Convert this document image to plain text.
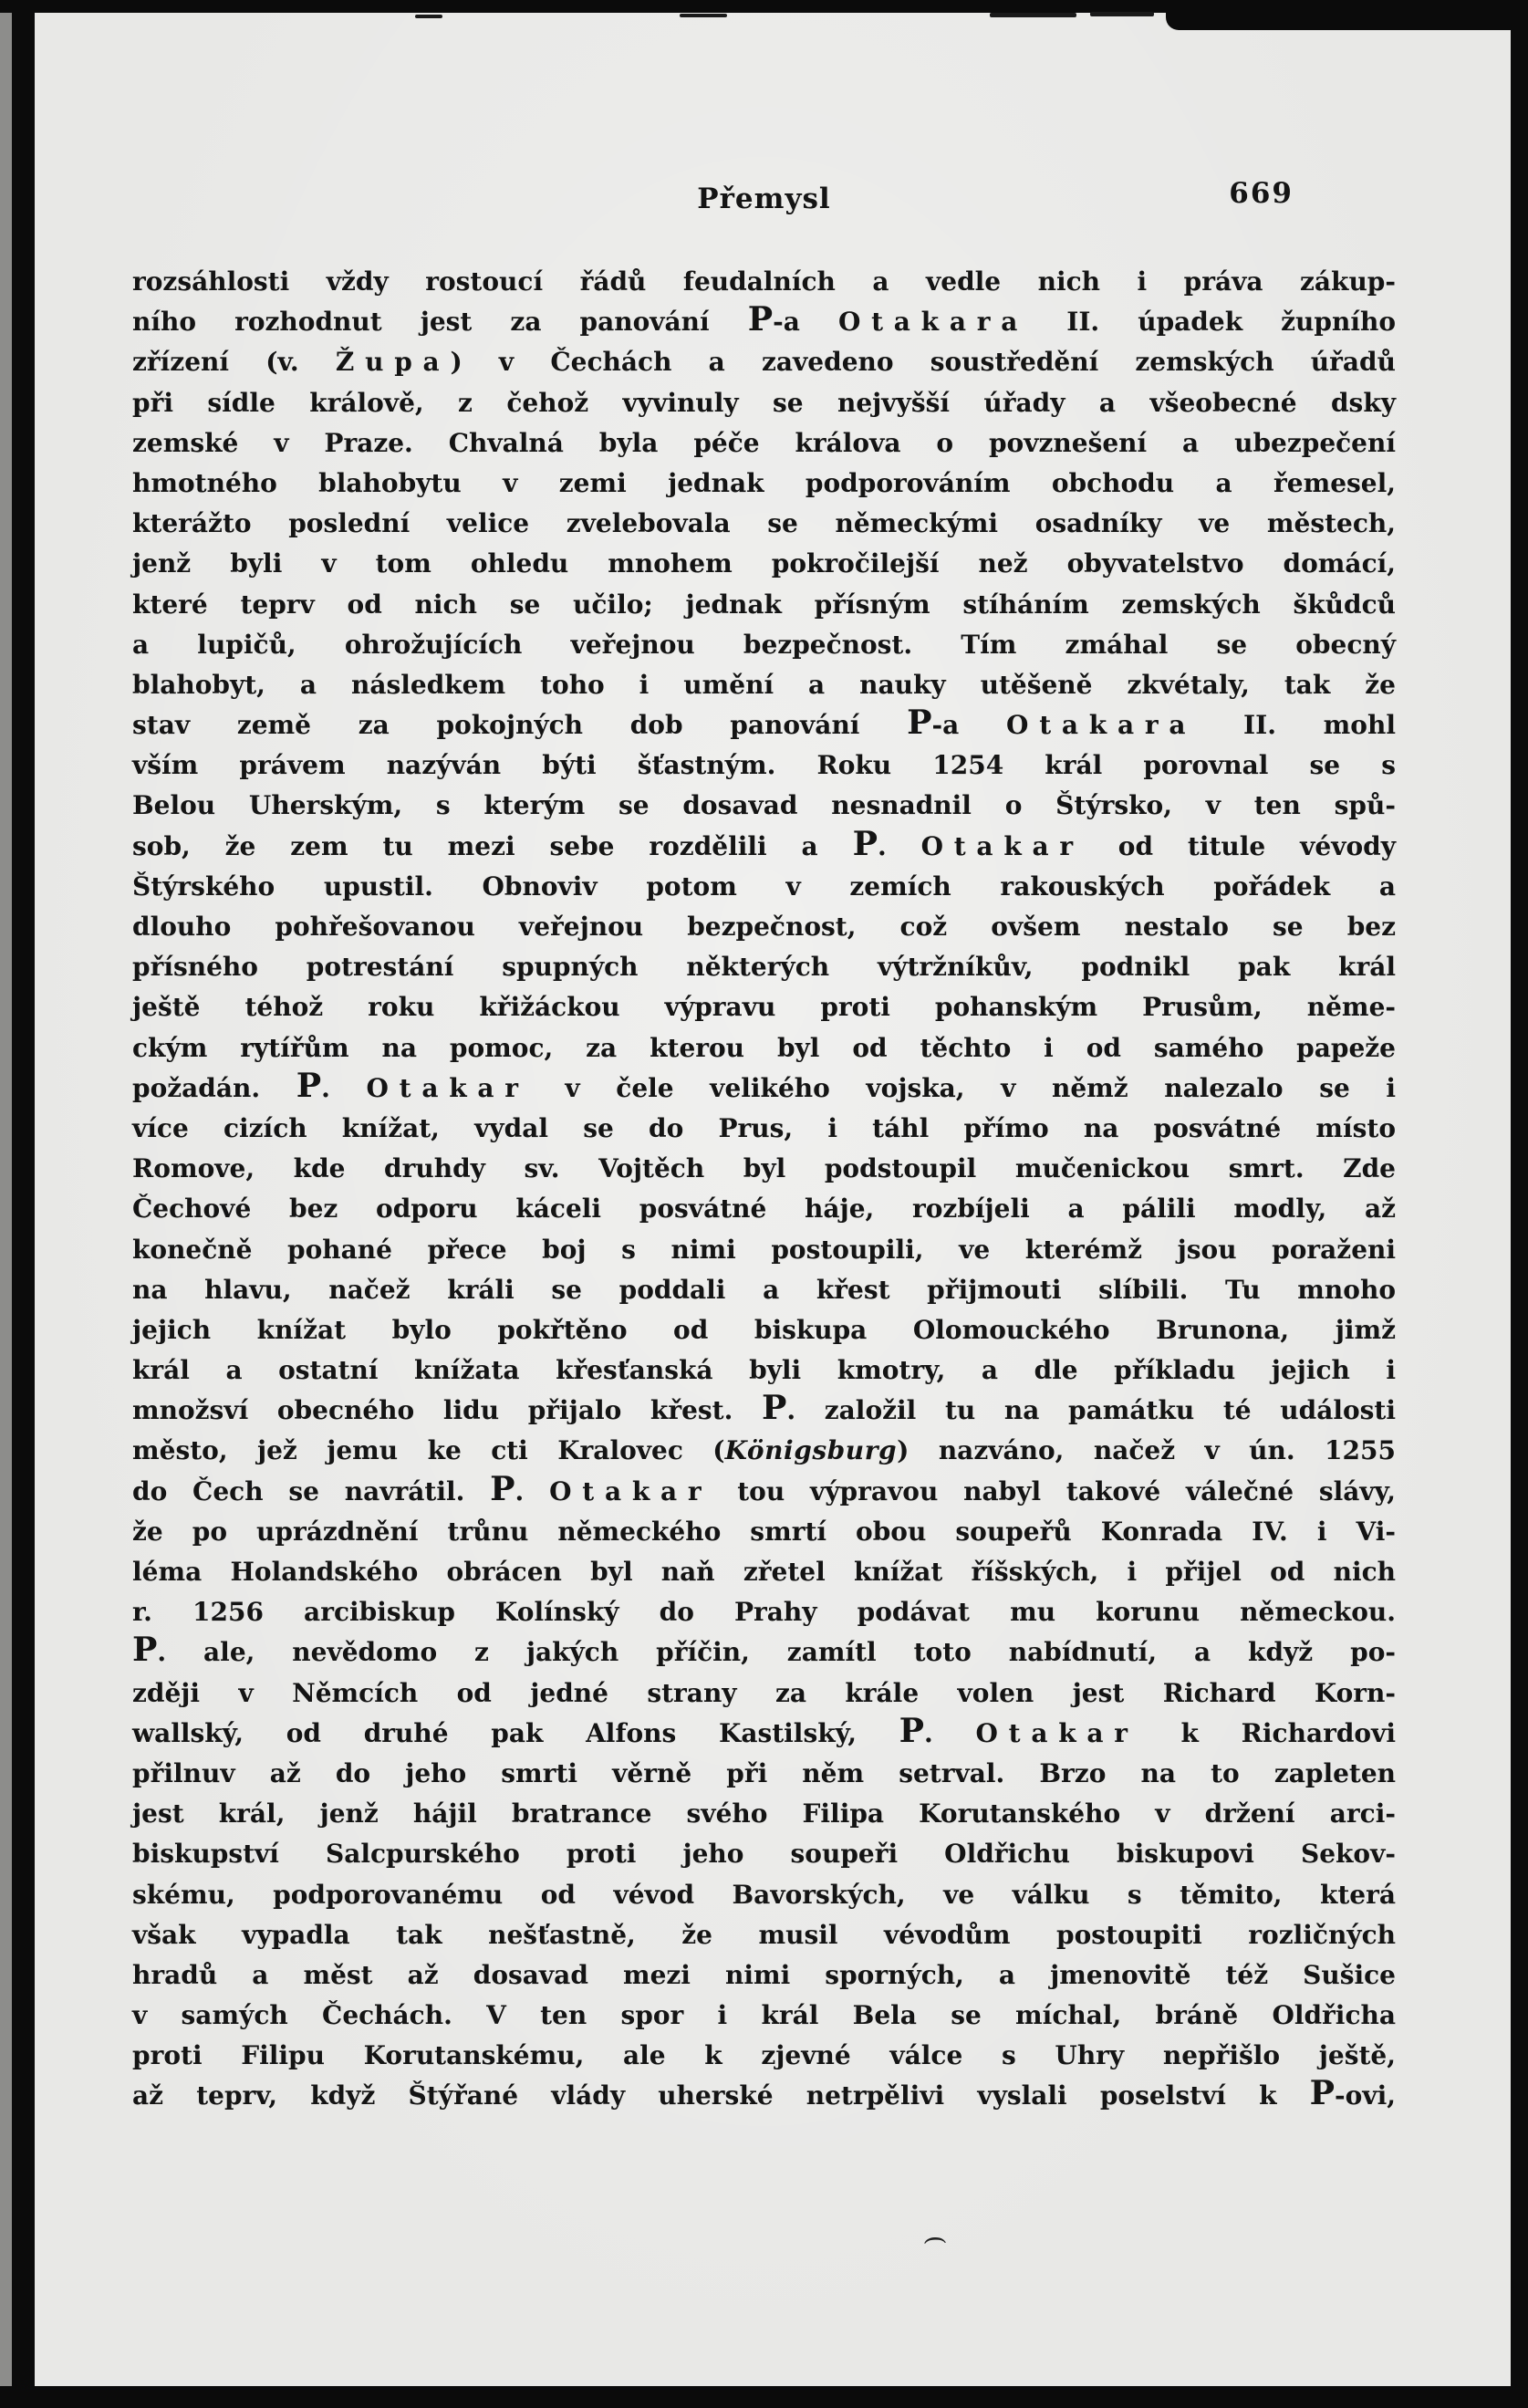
(
Přemysl	669
rozsáhlosti vždy rostoucí řádů feudalních a vedle nich i práva zákup-
ního rozhodnut jest za panování P-a Otakara II. úpadek župního
zřízení (v. Župa) v Čechách a zavedeno soustředění zemských úřadů
při sídle králově, z čehož vyvinuly se nejvyšší úřady a všeobecné dsky
zemské v Praze. Chvalná byla péče králova o povznešení a ubezpečení
hmotného blahobytu v zemi jednak podporováním obchodu a řemesel,
kterážto poslední velice zvelebovala se německými osadníky ve městech,
jenž byli v tom ohledu mnohem pokročilejší než obyvatelstvo domácí,
které teprv od nich se učilo; jednak přísným stíháním zemských škůdců
a lupičů, ohrožujících veřejnou bezpečnost. Tím zmáhal se obecný
blahobyt, a následkem toho i umění a nauky utěšeně zkvétaly, tak že
stav země za pokojných dob panování P-a Otakara II. mohl
vším právem nazýván býti šťastným. Roku 1254 král porovnal se s
Belou Uherským, s kterým se dosavad nesnadnil o Štýrsko, v ten spů-
sob, že zem tu mezi sebe rozdělili a P. Otakar od titule vévody
Štýrského upustil. Obnoviv potom v zemích rakouských pořádek a
dlouho pohřešovanou veřejnou bezpečnost, což ovšem nestalo se bez
přísného potrestání spupných některých výtržníkův, podnikl pak král
ještě téhož roku křižáckou výpravu proti pohanským Prusům, něme-
ckým rytířům na pomoc, za kterou byl od těchto i od samého papeže
požadán. P. Otakar v čele velikého vojska, v němž nalezalo se i
více cizích knížat, vydal se do Prus, i táhl přímo na posvátné místo
Romove, kde druhdy sv. Vojtěch byl podstoupil mučenickou smrt. Zde
Čechové bez odporu káceli posvátné háje, rozbíjeli a pálili modly, až
konečně pohané přece boj s nimi postoupili, ve kterémž jsou poraženi
na hlavu, načež králi se poddali a křest přijmouti slíbili. Tu mnoho
jejich knížat bylo pokřtěno od biskupa Olomouckého Brunona, jimž
král a ostatní knížata křesťanská byli kmotry, a dle příkladu jejich i
množsví obecného lidu přijalo křest. P. založil tu na památku té události
město, jež jemu ke cti Kralovec (Königsburg) nazváno, načež v ún. 1255
do Čech se navrátil. P. Otakar tou výpravou nabyl takové válečné slávy,
že po uprázdnění trůnu německého smrtí obou soupeřů Konrada IV. i Vi-
léma Holandského obrácen byl naň zřetel knížat říšských, i přijel od nich
r. 1256 arcibiskup Kolínský do Prahy podávat mu korunu německou.
P. ale, nevědomo z jakých příčin, zamítl toto nabídnutí, a když po-
zději v Němcích od jedné strany za krále volen jest Richard Korn-
wallský, od druhé pak Alfons Kastilský, P. Otakar k Richardovi
přilnuv až do jeho smrti věrně při něm setrval. Brzo na to zapleten
jest král, jenž hájil bratrance svého Filipa Korutanského v držení arci-
biskupství Salcpurského proti jeho soupeři Oldřichu biskupovi Sekov-
skému, podporovanému od vévod Bavorských, ve válku s těmito, která
však vypadla tak nešťastně, že musil vévodům postoupiti rozličných
hradů a měst až dosavad mezi nimi sporných, a jmenovitě též Sušice
v samých Čechách. V ten spor i král Bela se míchal, bráně Oldřicha
proti Filipu Korutanskému, ale k zjevné válce s Uhry nepřišlo ještě,
až teprv, když Štýřané vlády uherské netrpělivi vyslali poselství k P-ovi,
